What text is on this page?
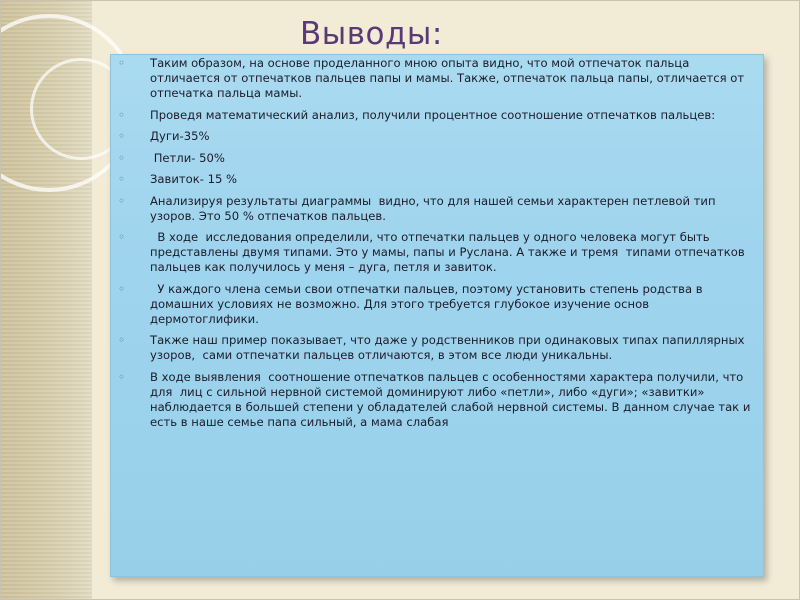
Выводы:
◦ Таким образом, на основе проделанного мною опыта видно, что мой отпечаток пальца отличается от отпечатков пальцев папы и мамы. Также, отпечаток пальца папы, отличается от отпечатка пальца мамы.
◦ Проведя математический анализ, получили процентное соотношение отпечатков пальцев:
◦ Дуги-35%
◦ Петли- 50%
◦ Завиток- 15 %
◦ Анализируя результаты диаграммы  видно, что для нашей семьи характерен петлевой тип узоров. Это 50 % отпечатков пальцев.
◦ В ходе  исследования определили, что отпечатки пальцев у одного человека могут быть представлены двумя типами. Это у мамы, папы и Руслана. А также и тремя  типами отпечатков пальцев как получилось у меня – дуга, петля и завиток.
◦ У каждого члена семьи свои отпечатки пальцев, поэтому установить степень родства в домашних условиях не возможно. Для этого требуется глубокое изучение основ дермотоглифики.
◦ Также наш пример показывает, что даже у родственников при одинаковых типах папиллярных узоров,  сами отпечатки пальцев отличаются, в этом все люди уникальны.
◦ В ходе выявления  соотношение отпечатков пальцев с особенностями характера получили, что для  лиц с сильной нервной системой доминируют либо «петли», либо «дуги»; «завитки» наблюдается в большей степени у обладателей слабой нервной системы. В данном случае так и есть в наше семье папа сильный, а мама слабая
